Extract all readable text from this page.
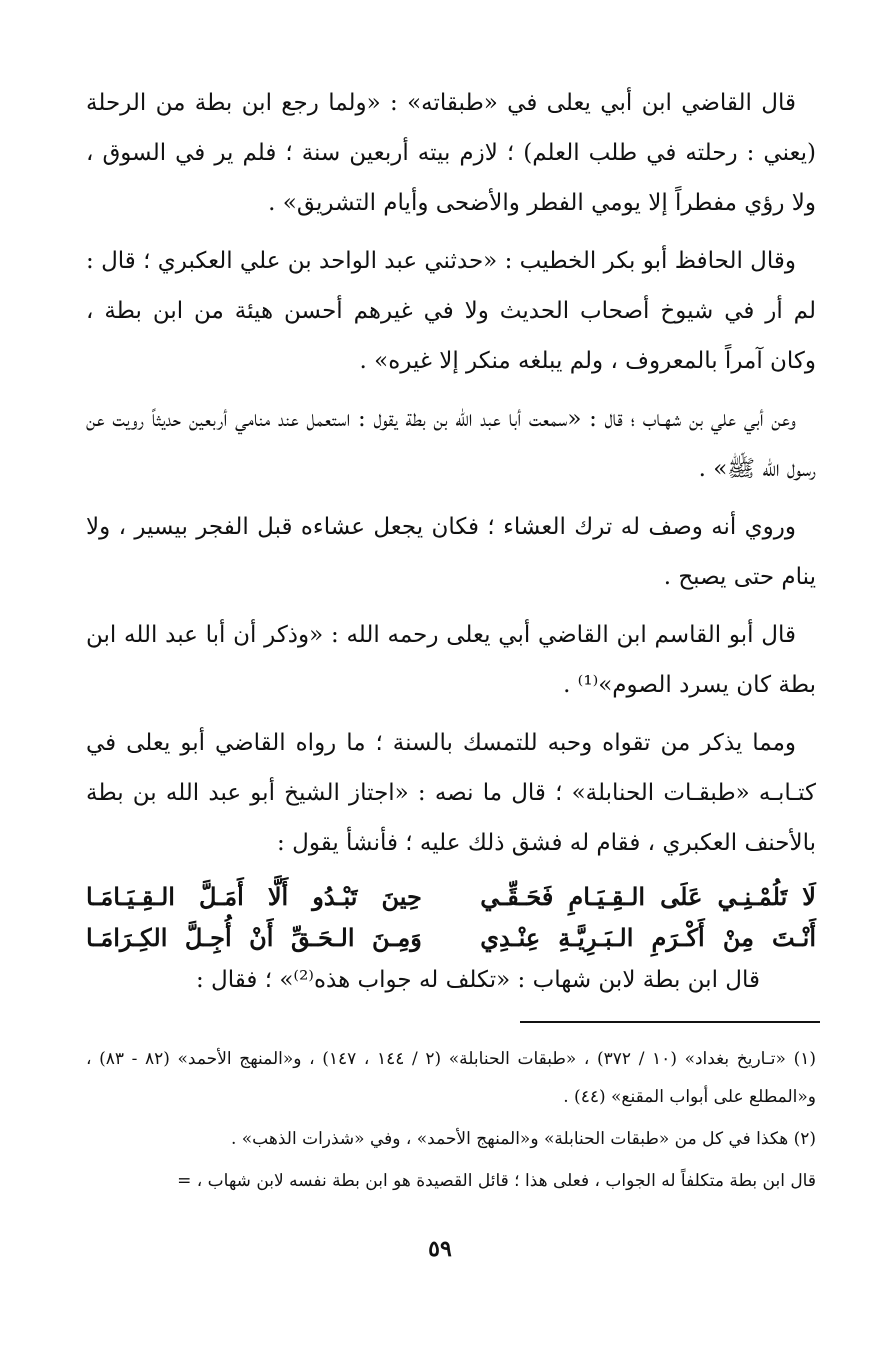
قال القاضي ابن أبي يعلى في «طبقاته» : «ولما رجع ابن بطة من الرحلة (يعني : رحلته في طلب العلم) ؛ لازم بيته أربعين سنة ؛ فلم ير في السوق ، ولا رؤي مفطراً إلا يومي الفطر والأضحى وأيام التشريق» .

وقال الحافظ أبو بكر الخطيب : «حدثني عبد الواحد بن علي العكبري ؛ قال : لم أر في شيوخ أصحاب الحديث ولا في غيرهم أحسن هيئة من ابن بطة ، وكان آمراً بالمعروف ، ولم يبلغه منكر إلا غيره» .

وعن أبي علي بن شهـاب ؛ قال : «سمعت أبا عبد الله بن بطة يقول : استعمل عند منامي أربعين حديثاً رويت عن رسول الله ﷺ» .

وروي أنه وصف له ترك العشاء ؛ فكان يجعل عشاءه قبل الفجر بيسير ، ولا ينام حتى يصبح .

قال أبو القاسم ابن القاضي أبي يعلى رحمه الله : «وذكر أن أبا عبد الله ابن بطة كان يسرد الصوم»⁽¹⁾ .

ومما يذكر من تقواه وحبه للتمسك بالسنة ؛ ما رواه القاضي أبو يعلى في كتـابـه «طبقـات الحنابلة» ؛ قال ما نصه : «اجتاز الشيخ أبو عبد الله بن بطة بالأحنف العكبري ، فقام له فشق ذلك عليه ؛ فأنشأ يقول :

لَا تَلُمْـنِـي عَلَى الـقِـيَـامِ فَحَـقِّـي
حِينَ تَبْـدُو أَلَّا أَمَـلَّ الـقِـيَـامَـا
أَنْـتَ مِنْ أَكْـرَمِ الـبَـرِيَّـةِ عِنْـدِي
وَمِـنَ الـحَـقِّ أَنْ أُجِـلَّ الكِـرَامَـا

قال ابن بطة لابن شهاب : «تكلف له جواب هذه⁽²⁾» ؛ فقال :

(١) «تـاريخ بغداد» (١٠ / ٣٧٢) ، «طبقات الحنابلة» (٢ / ١٤٤ ، ١٤٧) ، و«المنهج الأحمد» (٨٢ - ٨٣) ، و«المطلع على أبواب المقنع» (٤٤) .

(٢) هكذا في كل من «طبقات الحنابلة» و«المنهج الأحمد» ، وفي «شذرات الذهب» .

قال ابن بطة متكلفاً له الجواب ، فعلى هذا ؛ قائل القصيدة هو ابن بطة نفسه لابن شهاب ، =

٥٩
